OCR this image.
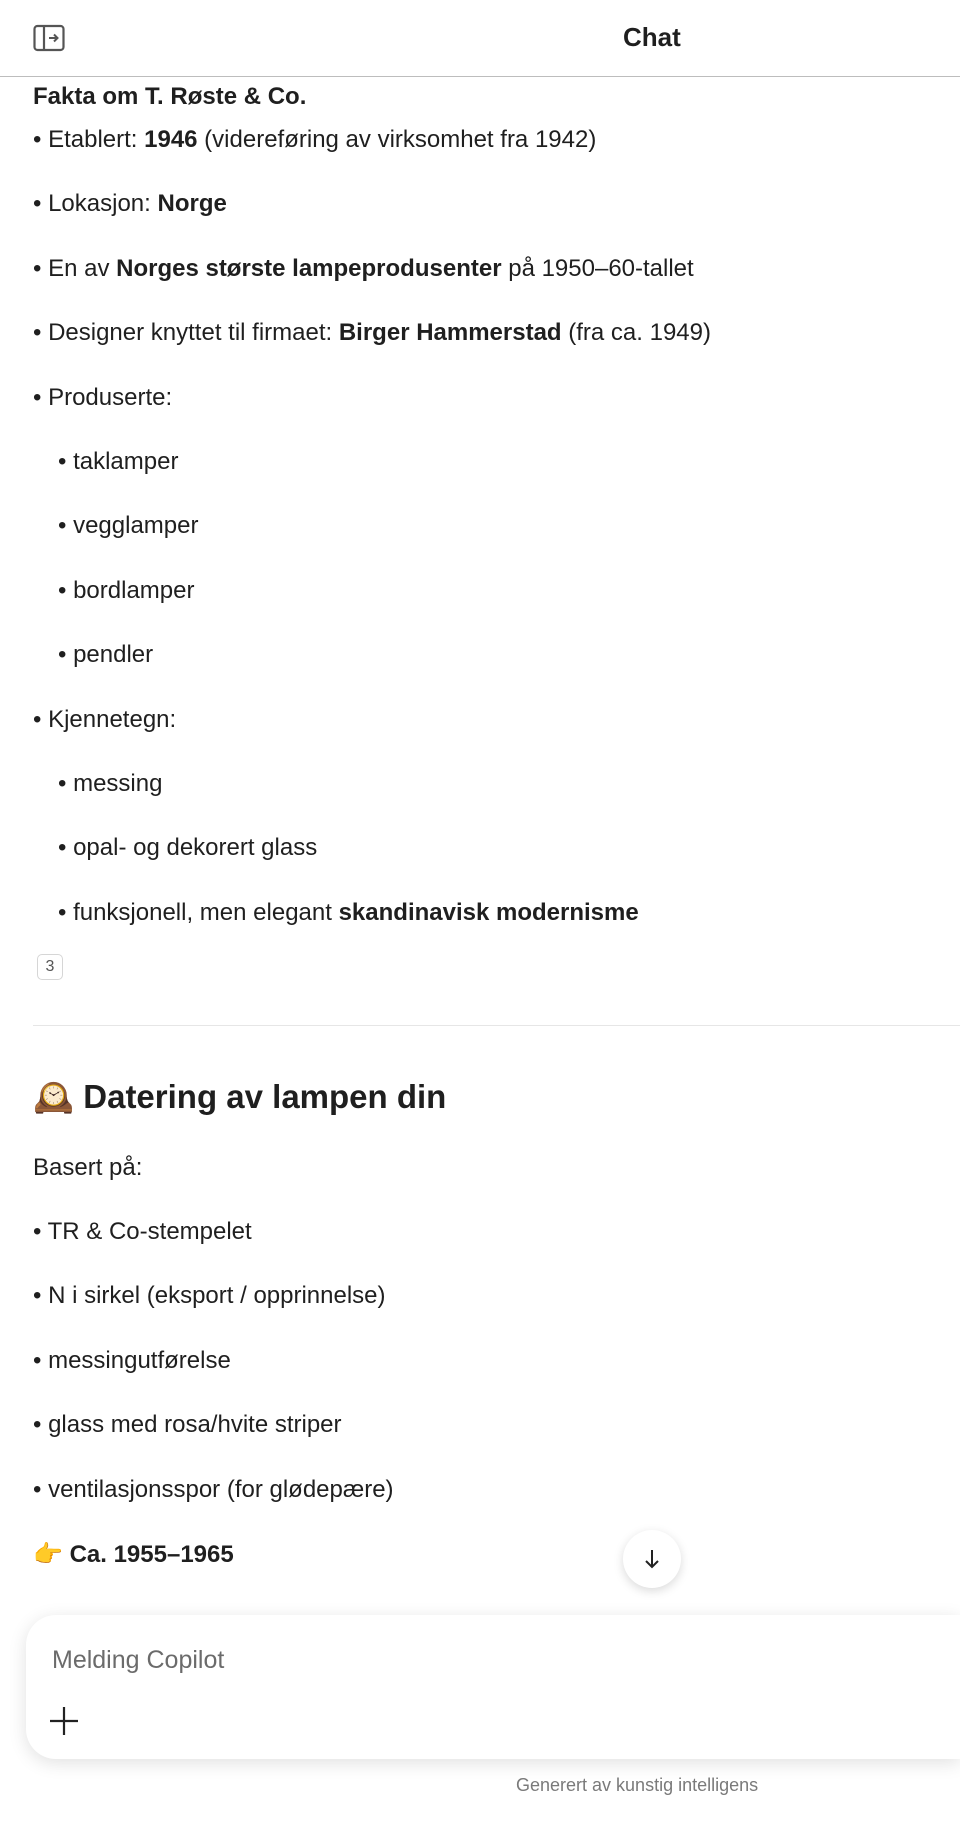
Chat
Fakta om T. Røste & Co.
• Etablert: 1946 (videreføring av virksomhet fra 1942)
• Lokasjon: Norge
• En av Norges største lampeprodusenter på 1950–60-tallet
• Designer knyttet til firmaet: Birger Hammerstad (fra ca. 1949)
• Produserte:
• taklamper
• vegglamper
• bordlamper
• pendler
• Kjennetegn:
• messing
• opal- og dekorert glass
• funksjonell, men elegant skandinavisk modernisme
3
🕰️ Datering av lampen din
Basert på:
• TR & Co-stempelet
• N i sirkel (eksport / opprinnelse)
• messingutførelse
• glass med rosa/hvite striper
• ventilasjonsspor (for glødepære)
👉 Ca. 1955–1965
Melding Copilot
Generert av kunstig intelligens
